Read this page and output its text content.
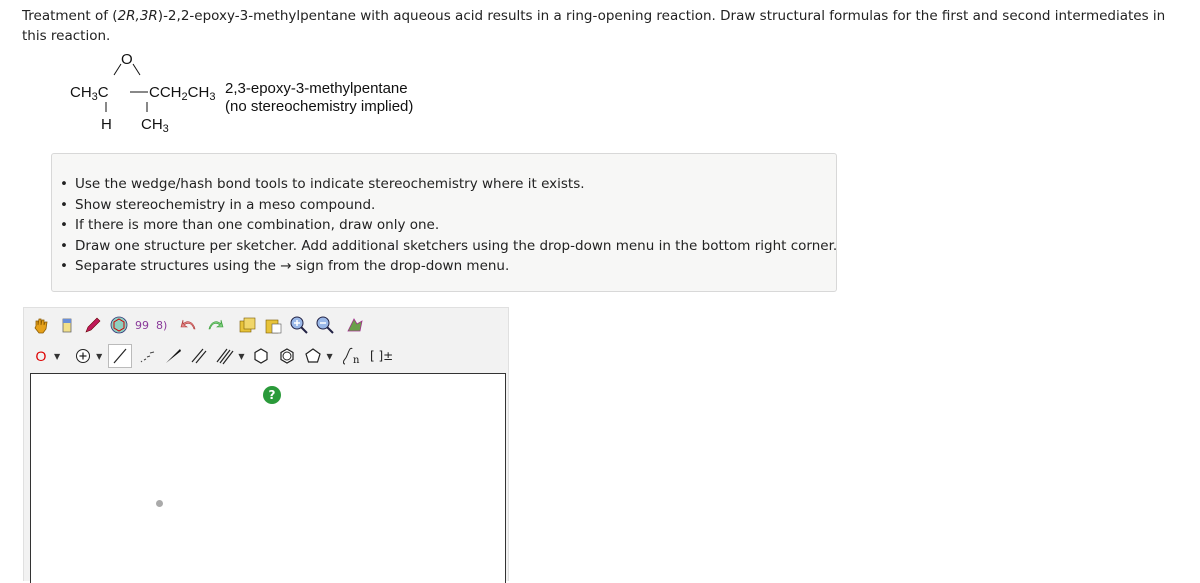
Treatment of (2R,3R)-2,2-epoxy-3-methylpentane with aqueous acid results in a ring-opening reaction. Draw structural formulas for the first and second intermediates in this reaction.
O
$CH_3C$	$CCH_2CH_3$
H $CH_3$
2,3-epoxy-3-methylpentane
(no stereochemistry implied)
• Use the wedge/hash bond tools to indicate stereochemistry where it exists.
• Show stereochemistry in a meso compound.
• If there is more than one combination, draw only one.
• Draw one structure per sketcher. Add additional sketchers using the drop-down menu in the bottom right corner.
• Separate structures using the → sign from the drop-down menu.
99 8)
O ▼	▼	▼	▼ n [ ]±
?
